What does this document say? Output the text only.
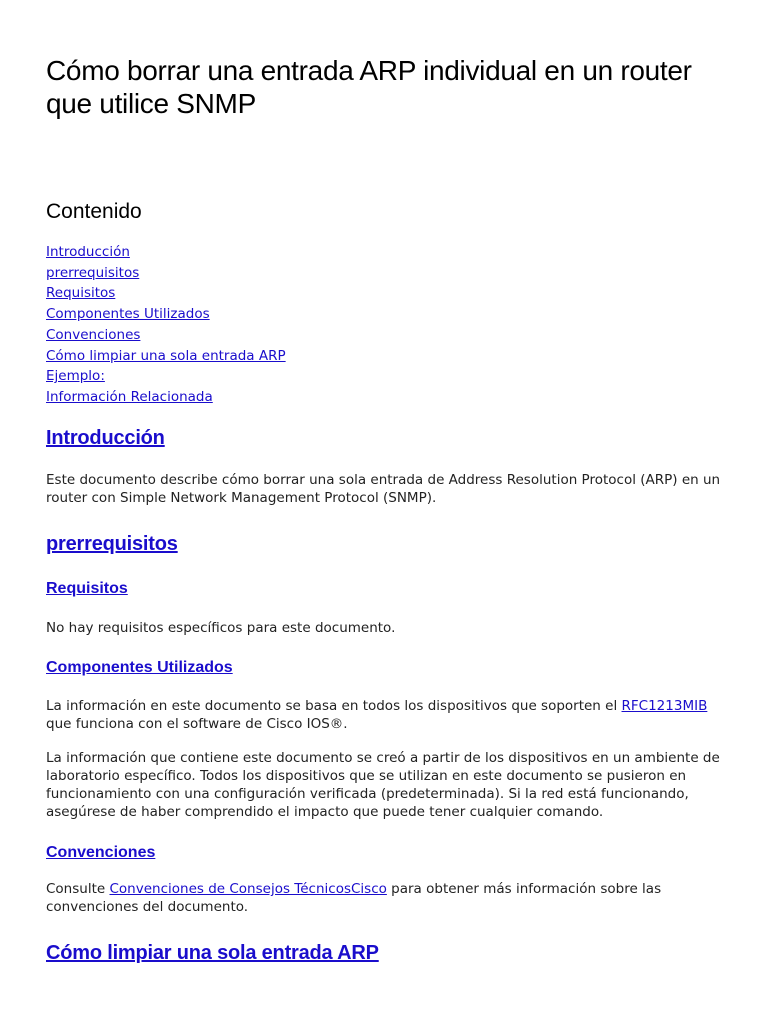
Cómo borrar una entrada ARP individual en un router que utilice SNMP
Contenido
Introducción
prerrequisitos
Requisitos
Componentes Utilizados
Convenciones
Cómo limpiar una sola entrada ARP
Ejemplo:
Información Relacionada
Introducción

Este documento describe cómo borrar una sola entrada de Address Resolution Protocol (ARP) en un router con Simple Network Management Protocol (SNMP).

prerrequisitos
Requisitos

No hay requisitos específicos para este documento.

Componentes Utilizados

La información en este documento se basa en todos los dispositivos que soporten el RFC1213MIB que funciona con el software de Cisco IOS®.

La información que contiene este documento se creó a partir de los dispositivos en un ambiente de laboratorio específico. Todos los dispositivos que se utilizan en este documento se pusieron en funcionamiento con una configuración verificada (predeterminada). Si la red está funcionando, asegúrese de haber comprendido el impacto que puede tener cualquier comando.

Convenciones

Consulte Convenciones de Consejos TécnicosCisco para obtener más información sobre las convenciones del documento.

Cómo limpiar una sola entrada ARP
